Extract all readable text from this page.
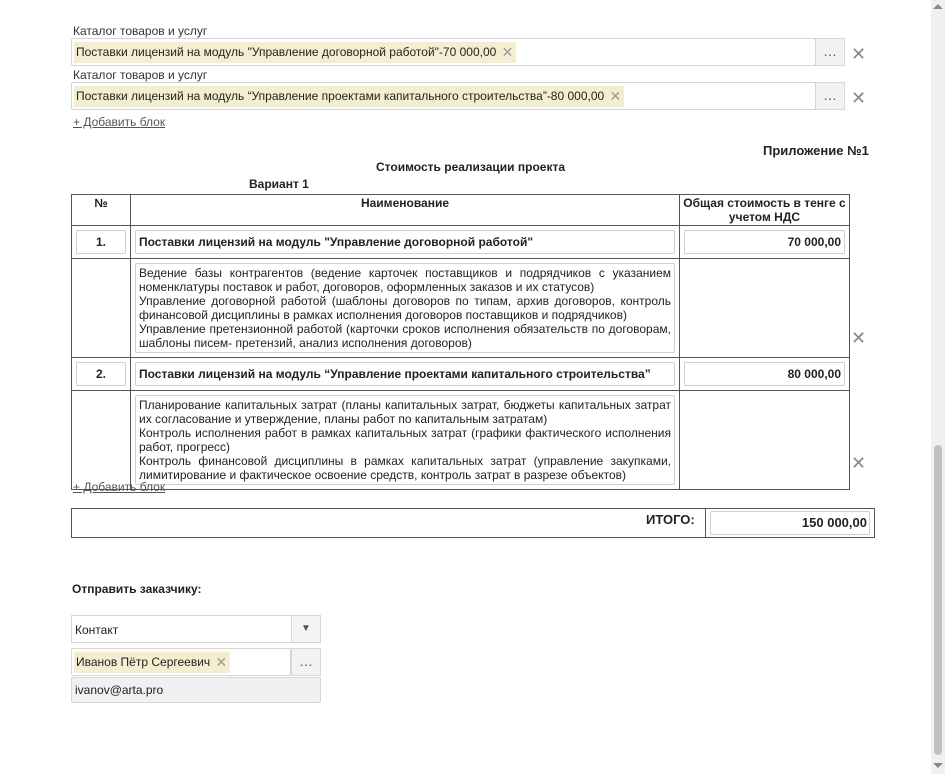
Каталог товаров и услуг
Поставки лицензий на модуль "Управление договорной работой"-70 000,00 ✕	… ✕
Каталог товаров и услуг
Поставки лицензий на модуль “Управление проектами капитального строительства”-80 000,00 ✕	… ✕
+ Добавить блок
Приложение №1
Стоимость реализации проекта
Вариант 1
№	Наименование	Общая стоимость в тенге с учетом НДС

1.	Поставки лицензий на модуль "Управление договорной работой"	70 000,00

	Ведение базы контрагентов (ведение карточек поставщиков и подрядчиков с указанием номенклатуры поставок и работ, договоров, оформленных заказов и их статусов)
Управление договорной работой (шаблоны договоров по типам, архив договоров, контроль финансовой дисциплины в рамках исполнения договоров поставщиков и подрядчиков)
Управление претензионной работой (карточки сроков исполнения обязательств по договорам, шаблоны писем- претензий, анализ исполнения договоров)	

2.	Поставки лицензий на модуль “Управление проектами капитального строительства”	80 000,00

	Планирование капитальных затрат (планы капитальных затрат, бюджеты капитальных затрат их согласование и утверждение, планы работ по капитальным затратам)
Контроль исполнения работ в рамках капитальных затрат (графики фактического исполнения работ, прогресс)
Контроль финансовой дисциплины в рамках капитальных затрат (управление закупками, лимитирование и фактическое освоение средств, контроль затрат в разрезе объектов)	

✕
✕
+ Добавить блок
ИТОГО:	150 000,00
Отправить заказчику:
Контакт	▼
Иванов Пётр Сергеевич ✕	…
ivanov@arta.pro
